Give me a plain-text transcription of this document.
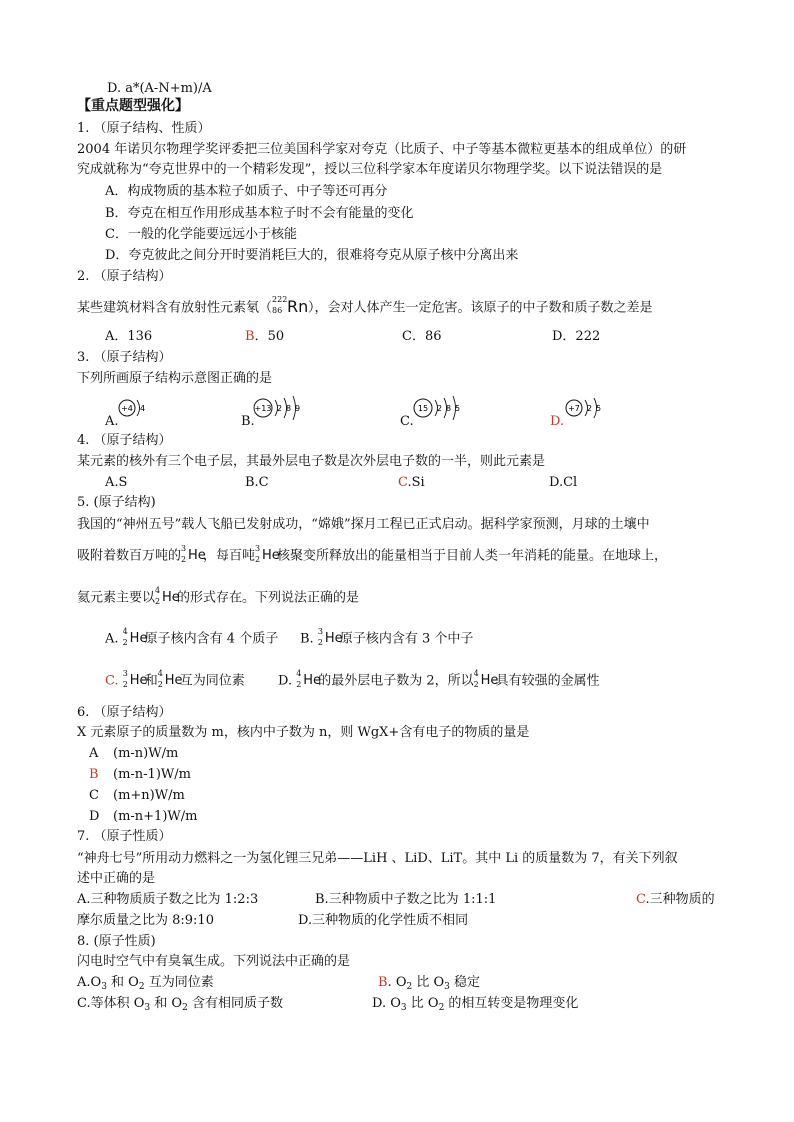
D. a*(A-N+m)/A
【重点题型强化】
1. （原子结构、性质）
2004 年诺贝尔物理学奖评委把三位美国科学家对夸克（比质子、中子等基本微粒更基本的组成单位）的研
究成就称为“夸克世界中的一个精彩发现”，授以三位科学家本年度诺贝尔物理学奖。以下说法错误的是
A．构成物质的基本粒子如质子、中子等还可再分
B．夸克在相互作用形成基本粒子时不会有能量的变化
C．一般的化学能要远远小于核能
D．夸克彼此之间分开时要消耗巨大的，很难将夸克从原子核中分离出来
2. （原子结构）
某些建筑材料含有放射性元素氡（
222
86 Rn ），会对人体产生一定危害。该原子的中子数和质子数之差是
A．136	B．50	C．86	D．222
3. （原子结构）
下列所画原子结构示意图正确的是
A.
+4 4
B.
+13 2 8 9
C.
15 2 8 5
D.
+7 2 5
4. （原子结构）
某元素的核外有三个电子层，其最外层电子数是次外层电子数的一半，则此元素是
A.S	B.C	C.Si	D.Cl
5. (原子结构)
我国的“神州五号”载人飞船已发射成功，“嫦娥”探月工程已正式启动。据科学家预测，月球的土壤中
吸附着数百万吨的 3
2 He
，每百吨 3
2 He
核聚变所释放出的能量相当于目前人类一年消耗的能量。在地球上，
氦元素主要以 4
2 He
的形式存在。下列说法正确的是
A. 4
2 He
原子核内含有 4 个质子 B. 3
2 He
原子核内含有 3 个中子
C. 3
2 He
和 4
2 He
互为同位素	D. 4
2 He
的最外层电子数为 2，所以 4
2 He
具有较强的金属性
6. （原子结构）
X 元素原子的质量数为 m，核内中子数为 n，则 WgX+含有电子的物质的量是
A (m-n)W/m
B (m-n-1)W/m
C (m+n)W/m
D (m-n+1)W/m
7. （原子性质）
“神舟七号”所用动力燃料之一为氢化锂三兄弟——LiH 、LiD、LiT。其中 Li 的质量数为 7，有关下列叙
述中正确的是
A.三种物质质子数之比为 1:2:3	B.三种物质中子数之比为 1:1:1	C.三种物质的
摩尔质量之比为 8:9:10	D.三种物质的化学性质不相同
8. (原子性质)
闪电时空气中有臭氧生成。下列说法中正确的是
$A.O_3$ 和 $O_2$ 互为同位素	B. $O_2$ 比 $O_3$ 稳定
C.等体积 $O_3$ 和 $O_2$ 含有相同质子数	D. $O_3$ 比 $O_2$ 的相互转变是物理变化
